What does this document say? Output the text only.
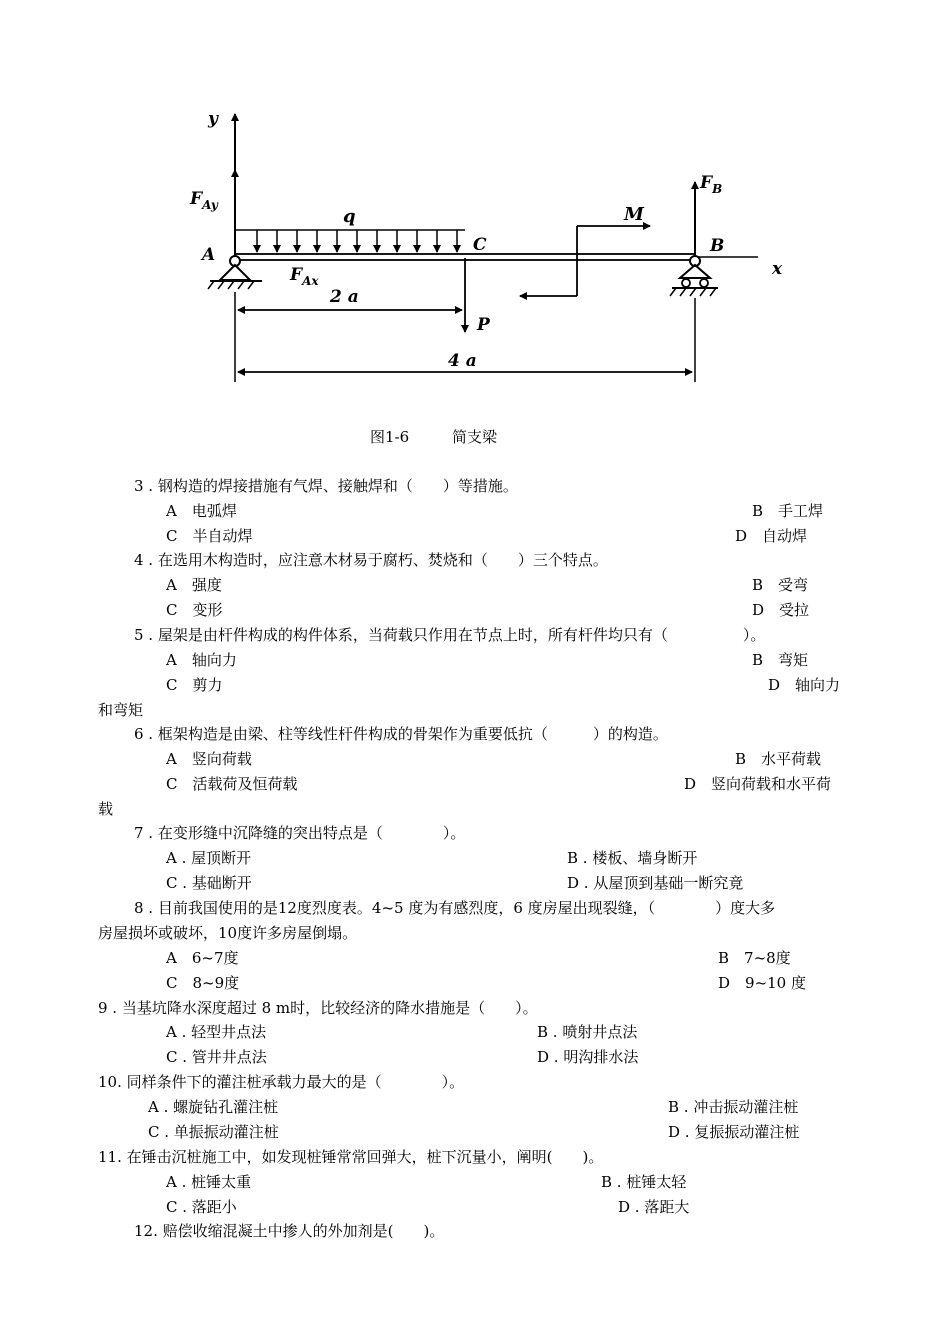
y
$F_{Ay}$
x
q
C
A
$F_{Ax}$
B
$F_B$
M
P
2 a
4 a
图1-6	简支梁
3 . 钢构造的焊接措施有气焊、接触焊和（　　）等措施。
A　电弧焊	B　手工焊
C　半自动焊	D　自动焊
4 . 在选用木构造时，应注意木材易于腐朽、焚烧和（　　）三个特点。
A　强度	B　受弯
C　变形	D　受拉
5 . 屋架是由杆件构成的构件体系，当荷载只作用在节点上时，所有杆件均只有（　　　　　）。
A　轴向力	B　弯矩
C　剪力	D　轴向力
和弯矩
6 . 框架构造是由梁、柱等线性杆件构成的骨架作为重要低抗（　　　）的构造。
A　竖向荷载	B　水平荷载
C　活载荷及恒荷载	D　竖向荷载和水平荷
载
7 . 在变形缝中沉降缝的突出特点是（　　　　）。
A . 屋顶断开	B . 楼板、墙身断开
C . 基础断开	D . 从屋顶到基础一断究竟
8 . 目前我国使用的是12度烈度表。4~5 度为有感烈度，6 度房屋出现裂缝，（　　　　）度大多
房屋损坏或破坏，10度许多房屋倒塌。
A　6~7度	B　7~8度
C　8~9度	D　9~10 度
9 . 当基坑降水深度超过 8 m时，比较经济的降水措施是（　　）。
A . 轻型井点法	B . 喷射井点法
C . 管井井点法	D . 明沟排水法
10. 同样条件下的灌注桩承载力最大的是（　　　　）。
A . 螺旋钻孔灌注桩	B . 冲击振动灌注桩
C . 单振振动灌注桩	D . 复振振动灌注桩
11. 在锤击沉桩施工中，如发现桩锤常常回弹大，桩下沉量小，阐明(　　)。
A . 桩锤太重	B . 桩锤太轻
C . 落距小	D . 落距大
12. 赔偿收缩混凝土中掺人的外加剂是(　　)。
